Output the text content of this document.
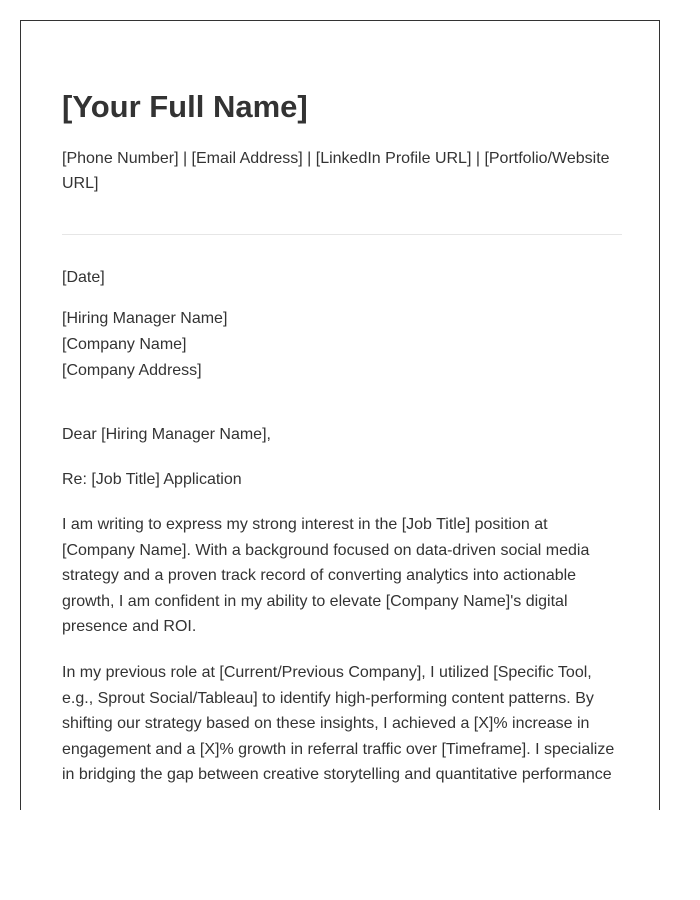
[Your Full Name]
[Phone Number] | [Email Address] | [LinkedIn Profile URL] | [Portfolio/Website URL]
[Date]
[Hiring Manager Name]
[Company Name]
[Company Address]
Dear [Hiring Manager Name],
Re: [Job Title] Application
I am writing to express my strong interest in the [Job Title] position at [Company Name]. With a background focused on data-driven social media strategy and a proven track record of converting analytics into actionable growth, I am confident in my ability to elevate [Company Name]'s digital presence and ROI.
In my previous role at [Current/Previous Company], I utilized [Specific Tool, e.g., Sprout Social/Tableau] to identify high-performing content patterns. By shifting our strategy based on these insights, I achieved a [X]% increase in engagement and a [X]% growth in referral traffic over [Timeframe]. I specialize in bridging the gap between creative storytelling and quantitative performance
